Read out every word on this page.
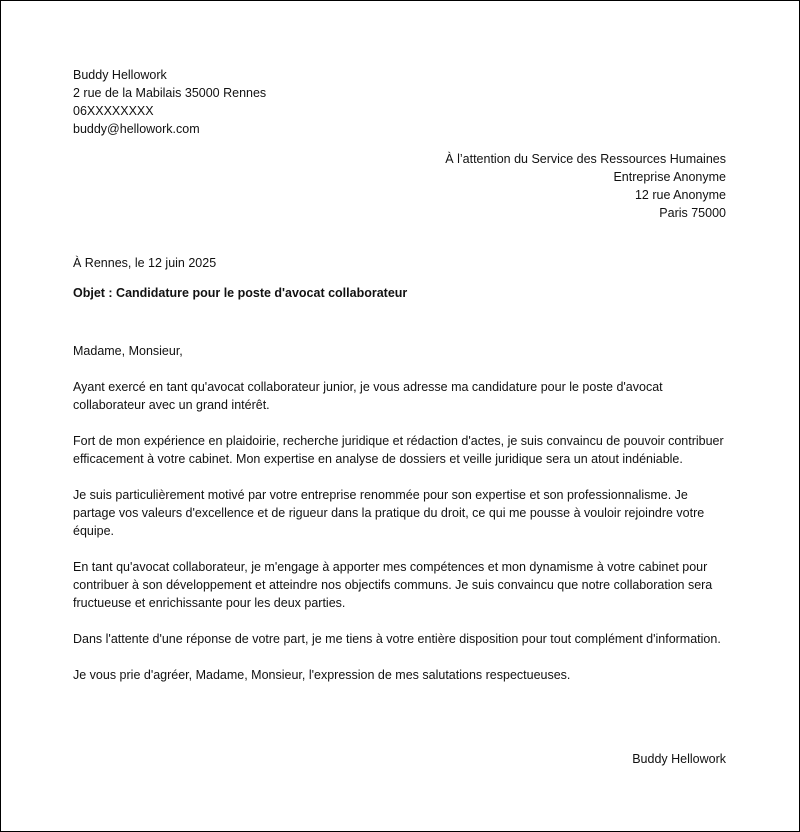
Buddy Hellowork
2 rue de la Mabilais 35000 Rennes
06XXXXXXXX
buddy@hellowork.com
À l’attention du Service des Ressources Humaines
Entreprise Anonyme
12 rue Anonyme
Paris 75000
À Rennes, le 12 juin 2025
Objet : Candidature pour le poste d'avocat collaborateur

Madame, Monsieur,

Ayant exercé en tant qu'avocat collaborateur junior, je vous adresse ma candidature pour le poste d'avocat collaborateur avec un grand intérêt.

Fort de mon expérience en plaidoirie, recherche juridique et rédaction d'actes, je suis convaincu de pouvoir contribuer efficacement à votre cabinet. Mon expertise en analyse de dossiers et veille juridique sera un atout indéniable.

Je suis particulièrement motivé par votre entreprise renommée pour son expertise et son professionnalisme. Je partage vos valeurs d'excellence et de rigueur dans la pratique du droit, ce qui me pousse à vouloir rejoindre votre équipe.

En tant qu'avocat collaborateur, je m'engage à apporter mes compétences et mon dynamisme à votre cabinet pour contribuer à son développement et atteindre nos objectifs communs. Je suis convaincu que notre collaboration sera fructueuse et enrichissante pour les deux parties.

Dans l'attente d'une réponse de votre part, je me tiens à votre entière disposition pour tout complément d'information.

Je vous prie d'agréer, Madame, Monsieur, l'expression de mes salutations respectueuses.

Buddy Hellowork
